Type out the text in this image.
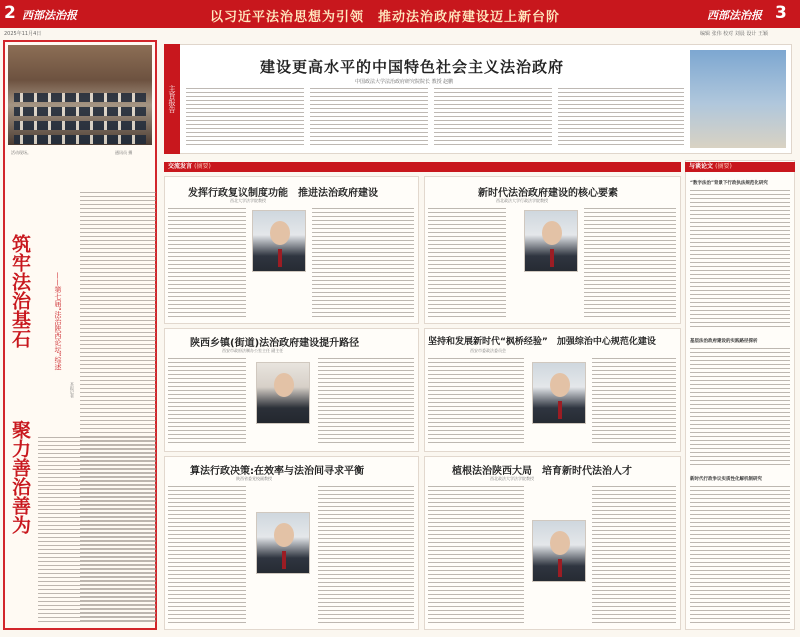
2 西部法治报	以习近平法治思想为引领　推动法治政府建设迈上新台阶	西部法治报 3
2025年11月4日	编辑 张伟 校对 刘晨 设计 王颖
活动现场。	通讯员 摄
筑牢法治基石
聚力善治善为
——第七届“法治陕西论坛”综述
本报记者
主旨报告
建设更高水平的中国特色社会主义法治政府
中国政法大学法治政府研究院院长 教授 赵鹏
交流发言 (摘要)
发挥行政复议制度功能　推进法治政府建设
西北大学法学院教授
新时代法治政府建设的核心要素
西北政法大学行政法学院教授
陕西乡镇(街道)法治政府建设提升路径
西安市政府法制办公室主任 副主任
坚持和发展新时代“枫桥经验”　加强综治中心规范化建设
西安市委政法委员会
算法行政决策:在效率与法治间寻求平衡
陕西省委党校副教授
植根法治陕西大局　培育新时代法治人才
西北政法大学法学院教授
与谈论文 (摘要)
“数字法治”背景下行政执法规范化研究
基层法治政府建设的实践路径探析
新时代行政争议实质性化解机制研究
